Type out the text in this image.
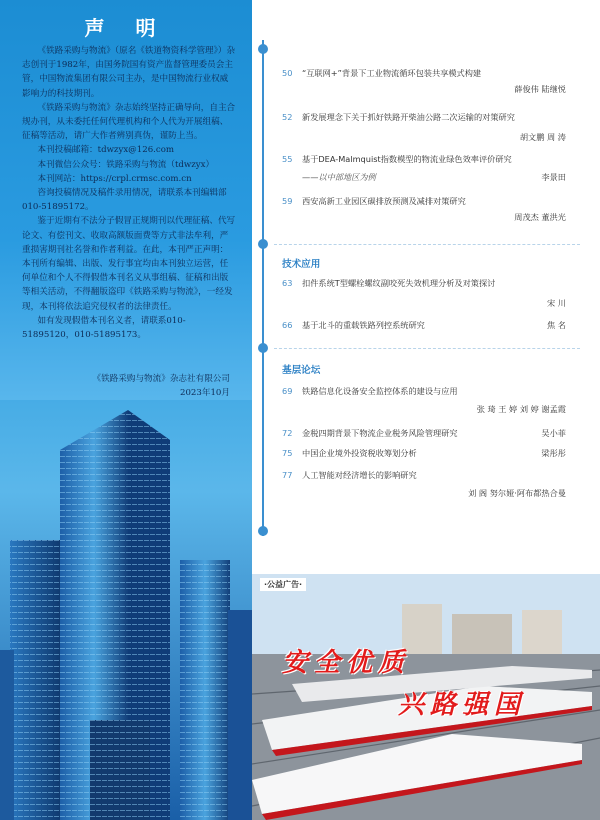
声 明

《铁路采购与物流》（原名《铁道物资科学管理》）杂志创刊于1982年，由国务院国有资产监督管理委员会主管，中国物流集团有限公司主办，是中国物流行业权威影响力的科技期刊。

《铁路采购与物流》杂志始终坚持正确导向，自主合规办刊，从未委托任何代理机构和个人代为开展组稿、征稿等活动，请广大作者辨别真伪，谨防上当。

本刊投稿邮箱：tdwzyx@126.com

本刊微信公众号：铁路采购与物流（tdwzyx）

本刊网站：https://crpl.crmsc.com.cn

咨询投稿情况及稿件录用情况，请联系本刊编辑部010-51895172。

鉴于近期有不法分子假冒正规期刊以代理征稿、代写论文、有偿刊文、收取高额版面费等方式非法牟利，严重损害期刊社名誉和作者利益。在此，本刊严正声明：本刊所有编辑、出版、发行事宜均由本刊独立运营，任何单位和个人不得假借本刊名义从事组稿、征稿和出版等相关活动，不得翻版盗印《铁路采购与物流》，一经发现，本刊将依法追究侵权者的法律责任。

如有发现假借本刊名义者，请联系010-51895120，010-51895173。

《铁路采购与物流》杂志社有限公司
2023年10月
50 “互联网+”背景下工业物流循环包装共享模式构建
薛俊伟 陆继悦
52 新发展理念下关于抓好铁路开柴油公路二次运输的对策研究
胡文鹏 周 涛
55 基于DEA-Malmquist指数模型的物流业绿色效率评价研究
——以中部地区为例	李景田
59 西安高新工业园区碳排放预测及减排对策研究
周茂杰 董洪光
技术应用
63 扣件系统T型螺栓螺纹副咬死失效机理分析及对策探讨
宋 川
66 基于北斗的重载铁路列控系统研究	焦 名
基层论坛
69 铁路信息化设备安全监控体系的建设与应用
张 琦 王 婷 刘 婷 谢孟霞
72 金税四期背景下物流企业税务风险管理研究	吴小菲
75 中国企业境外投资税收筹划分析	梁彤彤
77 人工智能对经济增长的影响研究
刘 阁 努尔娅·阿布都热合曼
·公益广告·
安全优质
兴路强国
